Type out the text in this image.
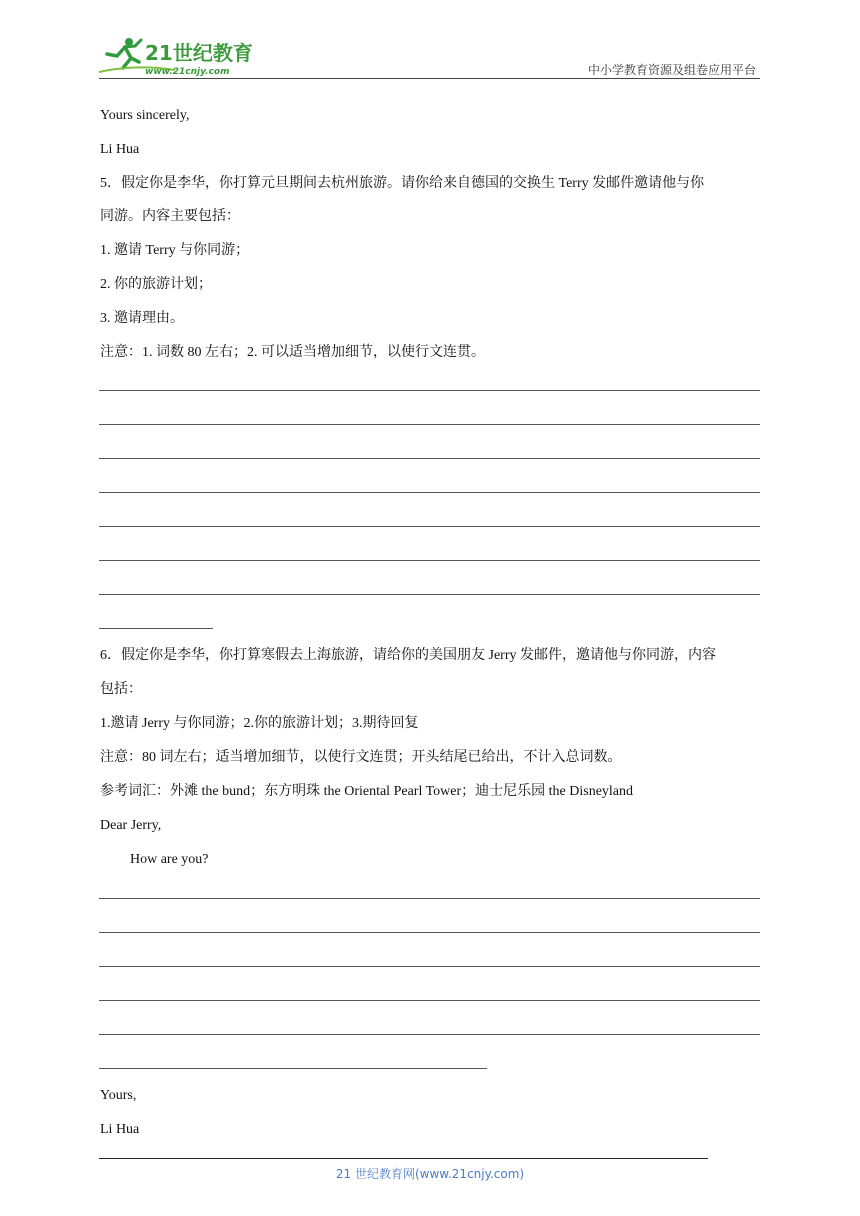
21世纪教育
www.21cnjy.com	中小学教育资源及组卷应用平台
Yours sincerely,
Li Hua
5．假定你是李华，你打算元旦期间去杭州旅游。请你给来自德国的交换生 Terry 发邮件邀请他与你
同游。内容主要包括：
1. 邀请 Terry 与你同游；
2. 你的旅游计划；
3. 邀请理由。
注意：1. 词数 80 左右；2. 可以适当增加细节，以使行文连贯。
6．假定你是李华，你打算寒假去上海旅游，请给你的美国朋友 Jerry 发邮件，邀请他与你同游，内容
包括：
1.邀请 Jerry 与你同游；2.你的旅游计划；3.期待回复
注意：80 词左右；适当增加细节，以使行文连贯；开头结尾已给出，不计入总词数。
参考词汇：外滩 the bund；东方明珠 the Oriental Pearl Tower；迪士尼乐园 the Disneyland
Dear Jerry,
How are you?
Yours,
Li Hua
21 世纪教育网(www.21cnjy.com)
